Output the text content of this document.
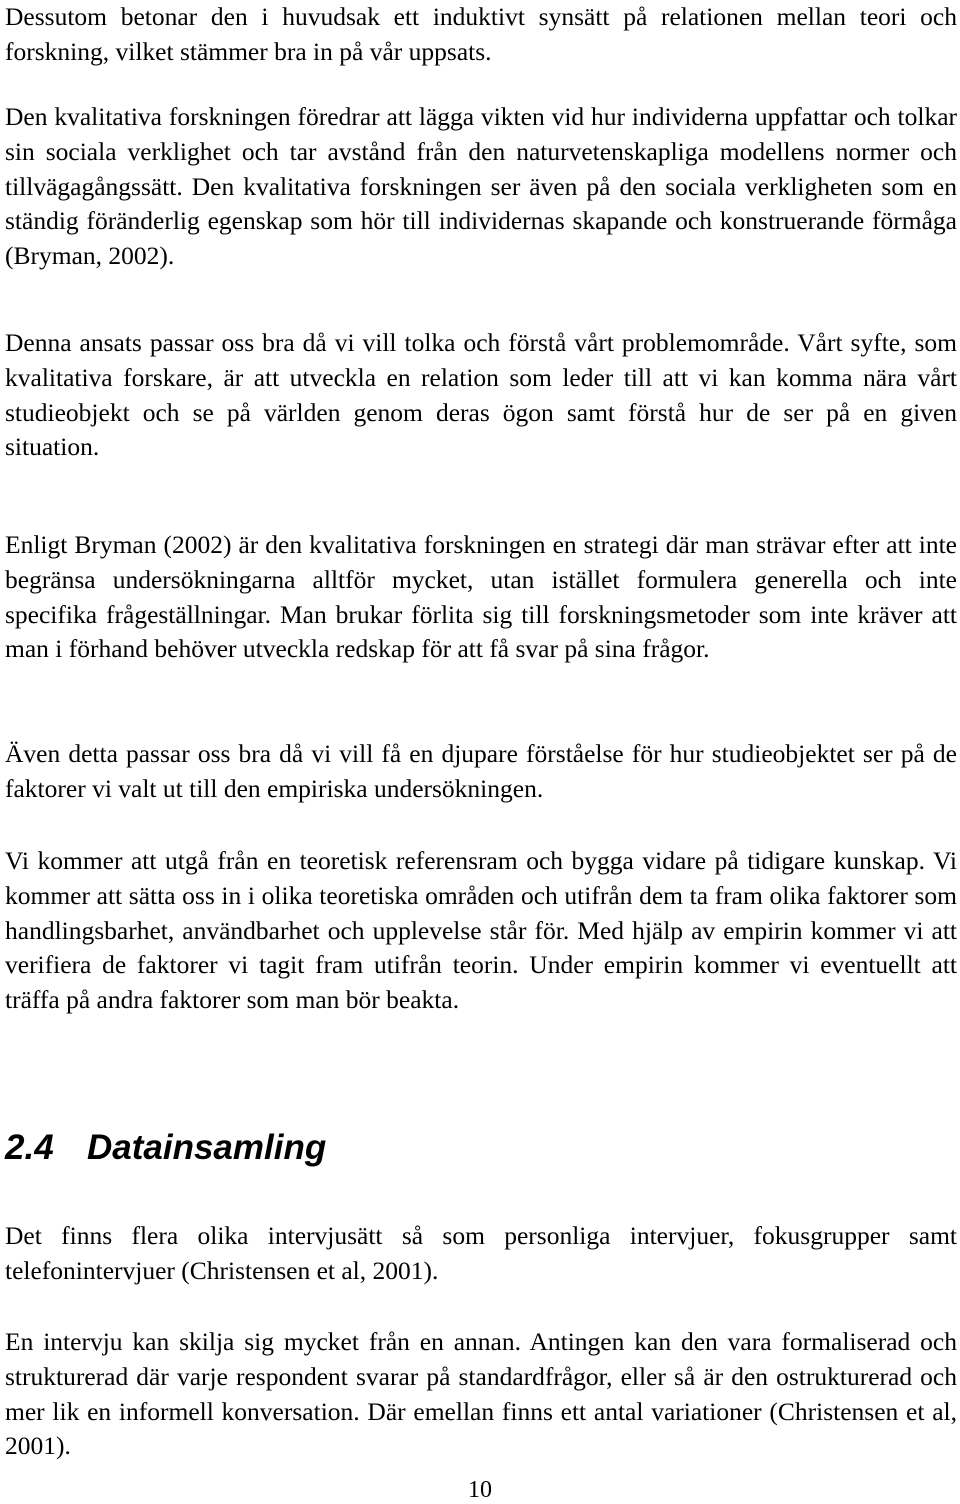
Dessutom betonar den i huvudsak ett induktivt synsätt på relationen mellan teori och forskning, vilket stämmer bra in på vår uppsats.

Den kvalitativa forskningen föredrar att lägga vikten vid hur individerna uppfattar och tolkar sin sociala verklighet och tar avstånd från den naturvetenskapliga modellens normer och tillvägagångssätt. Den kvalitativa forskningen ser även på den sociala verkligheten som en ständig föränderlig egenskap som hör till individernas skapande och konstruerande förmåga (Bryman, 2002).

Denna ansats passar oss bra då vi vill tolka och förstå vårt problemområde. Vårt syfte, som kvalitativa forskare, är att utveckla en relation som leder till att vi kan komma nära vårt studieobjekt och se på världen genom deras ögon samt förstå hur de ser på en given situation.

Enligt Bryman (2002) är den kvalitativa forskningen en strategi där man strävar efter att inte begränsa undersökningarna alltför mycket, utan istället formulera generella och inte specifika frågeställningar. Man brukar förlita sig till forskningsmetoder som inte kräver att man i förhand behöver utveckla redskap för att få svar på sina frågor.

Även detta passar oss bra då vi vill få en djupare förståelse för hur studieobjektet ser på de faktorer vi valt ut till den empiriska undersökningen.

Vi kommer att utgå från en teoretisk referensram och bygga vidare på tidigare kunskap. Vi kommer att sätta oss in i olika teoretiska områden och utifrån dem ta fram olika faktorer som handlingsbarhet, användbarhet och upplevelse står för. Med hjälp av empirin kommer vi att verifiera de faktorer vi tagit fram utifrån teorin. Under empirin kommer vi eventuellt att träffa på andra faktorer som man bör beakta.

2.4 Datainsamling

Det finns flera olika intervjusätt så som personliga intervjuer, fokusgrupper samt telefonintervjuer (Christensen et al, 2001).

En intervju kan skilja sig mycket från en annan. Antingen kan den vara formaliserad och strukturerad där varje respondent svarar på standardfrågor, eller så är den ostrukturerad och mer lik en informell konversation. Där emellan finns ett antal variationer (Christensen et al, 2001).

10
